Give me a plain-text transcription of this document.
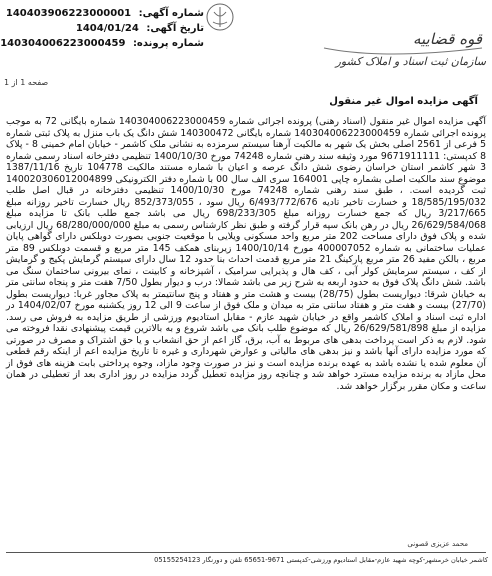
قوه قضاییه
سازمان ثبت اسناد و املاک کشور
شماره آگهی: 140403906223000001
تاریخ آگهی: 1404/01/24
شماره پرونده: 140304006223000459
صفحه 1 از 1
آگهی مزایده اموال غیر منقول
آگهی مزایده اموال غیر منقول (اسناد رهنی) پرونده اجرائی شماره 140304006223000459 شماره بایگانی 72 به موجب پرونده اجرائی شماره 140304006223000459 شماره بایگانی 140300472 شش دانگ یک باب منزل به پلاک ثبتی شماره 5 فرعی از 2561 اصلی بخش یک شهر به مالکیت آرهنا سیستم سرمزده به نشانی ملک کاشمر - خیابان امام خمینی 8 - پلاک 8 کدپستی: 9671911111 مورد وثیقه سند رهنی شماره 74248 مورخ 1400/10/30 تنظیمی دفترخانه اسناد رسمی شماره 3 شهر کاشمر استان خراسان رضوی شش دانگ عرصه و اعیان با شماره مستند مالکیت 104778 تاریخ 1387/11/16 موضوع سند مالکیت اصلی بشماره چاپی 164001 سری الف سال 00 با شماره دفتر الکترونیکی 140020306012004899 ثبت گردیده است. ، طبق سند رهنی شماره 74248 مورخ 1400/10/30 تنظیمی دفترخانه در قبال اصل طلب 18/585/195/032 و خسارت تاخیر تادیه 6/493/772/676 ریال سود ، 852/373/055 ریال خسارت تاخیر روزانه مبلغ 3/217/665 ریال که جمع خسارت روزانه مبلغ 698/233/305 ریال می باشد جمع طلب بانک تا مزایده مبلغ 26/629/584/068 ریال در رهن بانک سپه قرار گرفته و طبق نظر کارشناس رسمی به مبلغ 68/280/000/000 ریال ارزیابی شده و پلاک فوق دارای مساحت 202 متر مربع واحد مسکونی ویلایی با موقعیت جنوبی بصورت دوبلکس دارای گواهی پایان عملیات ساختمانی به شماره 400007052 مورخ 1400/10/14 زیربنای همکف 145 متر مربع و قسمت دوبلکس 89 متر مربع ، بالکن مفید 26 متر مربع پارکینگ 21 متر مربع قدمت احداث بنا حدود 12 سال دارای سیستم گرمایش پکیج و گرمایش از کف ، سیستم سرمایش کولر آبی ، کف هال و پذیرایی سرامیک ، آشپزخانه و کابینت ، نمای بیرونی ساختمان سنگ می باشد. شش دانگ پلاک فوق به حدود اربعه به شرح زیر می باشد شمالا: درب و دیوار بطول 7/50 هفت متر و پنجاه سانتی متر به خیابان شرقا: دیواریست بطول (28/75) بیست و هشت متر و هفتاد و پنج سانتیمتر به پلاک مجاور غربا: دیواریست بطول (27/70) بیست و هفت متر و هفتاد سانتی متر به میدان و ملک فوق از ساعت 9 الی 12 روز یکشنبه مورخ 1404/02/07 در اداره ثبت اسناد و املاک کاشمر واقع در خیابان شهید عازم - مقابل استادیوم ورزشی از طریق مزایده به فروش می رسد. مزایده از مبلغ 26/629/581/898 ریال که موضوع طلب بانک می باشد شروع و به بالاترین قیمت پیشنهادی نقدا فروخته می شود. لازم به ذکر است پرداخت بدهی های مربوط به آب، برق، گاز اعم از حق انشعاب و یا حق اشتراک و مصرف در صورتی که مورد مزایده دارای آنها باشد و نیز بدهی های مالیاتی و عوارض شهرداری و غیره تا تاریخ مزایده اعم از اینکه رقم قطعی آن معلوم شده یا نشده باشد به عهده برنده مزایده است و نیز در صورت وجود مازاد، وجوه پرداختی بابت هزینه های فوق از محل مازاد به برنده مزایده مسترد خواهد شد و چنانچه روز مزایده تعطیل گردد مزایده در روز اداری بعد از تعطیلی در همان ساعت و مکان مقرر برگزار خواهد شد.
محمد عزیزی قصونی
کاشمر خیابان خرمشهر-کوچه شهید عازم-مقابل استادیوم ورزشی-کدپستی 9671-65651 تلفن و دورنگار 05155254123
